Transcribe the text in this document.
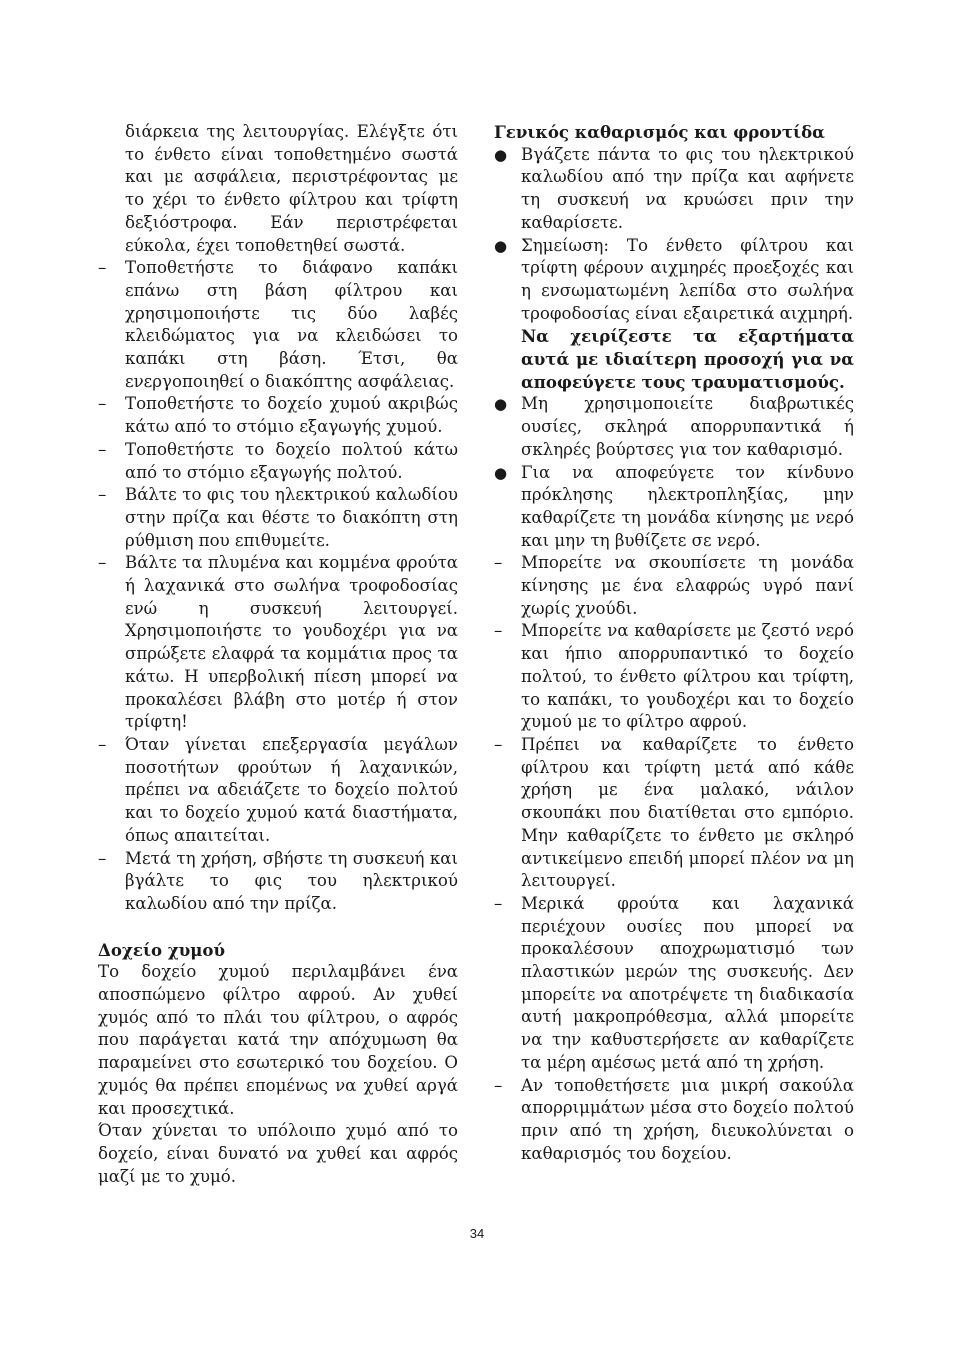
διάρκεια της λειτουργίας. Ελέγξτε ότι το ένθετο είναι τοποθετημένο σωστά και με ασφάλεια, περιστρέφοντας με το χέρι το ένθετο φίλτρου και τρίφτη δεξιόστροφα. Εάν περιστρέφεται εύκολα, έχει τοποθετηθεί σωστά.

–	Τοποθετήστε το διάφανο καπάκι επάνω στη βάση φίλτρου και χρησιμοποιήστε τις δύο λαβές κλειδώματος για να κλειδώσει το καπάκι στη βάση. Έτσι, θα ενεργοποιηθεί ο διακόπτης ασφάλειας.
–	Τοποθετήστε το δοχείο χυμού ακριβώς κάτω από το στόμιο εξαγωγής χυμού.
–	Τοποθετήστε το δοχείο πολτού κάτω από το στόμιο εξαγωγής πολτού.
–	Βάλτε το φις του ηλεκτρικού καλωδίου στην πρίζα και θέστε το διακόπτη στη ρύθμιση που επιθυμείτε.
–	Βάλτε τα πλυμένα και κομμένα φρούτα ή λαχανικά στο σωλήνα τροφοδοσίας ενώ η συσκευή λειτουργεί. Χρησιμοποιήστε το γουδοχέρι για να σπρώξετε ελαφρά τα κομμάτια προς τα κάτω. Η υπερβολική πίεση μπορεί να προκαλέσει βλάβη στο μοτέρ ή στον τρίφτη!
–	Όταν γίνεται επεξεργασία μεγάλων ποσοτήτων φρούτων ή λαχανικών, πρέπει να αδειάζετε το δοχείο πολτού και το δοχείο χυμού κατά διαστήματα, όπως απαιτείται.
–	Μετά τη χρήση, σβήστε τη συσκευή και βγάλτε το φις του ηλεκτρικού καλωδίου από την πρίζα.

Δοχείο χυμού

Το δοχείο χυμού περιλαμβάνει ένα αποσπώμενο φίλτρο αφρού. Αν χυθεί χυμός από το πλάι του φίλτρου, ο αφρός που παράγεται κατά την απόχυμωση θα παραμείνει στο εσωτερικό του δοχείου. Ο χυμός θα πρέπει επομένως να χυθεί αργά και προσεχτικά.

Όταν χύνεται το υπόλοιπο χυμό από το δοχείο, είναι δυνατό να χυθεί και αφρός μαζί με το χυμό.

Γενικός καθαρισμός και φροντίδα

● Βγάζετε πάντα το φις του ηλεκτρικού καλωδίου από την πρίζα και αφήνετε τη συσκευή να κρυώσει πριν την καθαρίσετε.
● Σημείωση: Το ένθετο φίλτρου και τρίφτη φέρουν αιχμηρές προεξοχές και η ενσωματωμένη λεπίδα στο σωλήνα τροφοδοσίας είναι εξαιρετικά αιχμηρή.
Να χειρίζεστε τα εξαρτήματα αυτά με ιδιαίτερη προσοχή για να αποφεύγετε τους τραυματισμούς.
● Μη χρησιμοποιείτε διαβρωτικές ουσίες, σκληρά απορρυπαντικά ή σκληρές βούρτσες για τον καθαρισμό.
● Για να αποφεύγετε τον κίνδυνο πρόκλησης ηλεκτροπληξίας, μην καθαρίζετε τη μονάδα κίνησης με νερό και μην τη βυθίζετε σε νερό.
–	Μπορείτε να σκουπίσετε τη μονάδα κίνησης με ένα ελαφρώς υγρό πανί χωρίς χνούδι.
–	Μπορείτε να καθαρίσετε με ζεστό νερό και ήπιο απορρυπαντικό το δοχείο πολτού, το ένθετο φίλτρου και τρίφτη, το καπάκι, το γουδοχέρι και το δοχείο χυμού με το φίλτρο αφρού.
–	Πρέπει να καθαρίζετε το ένθετο φίλτρου και τρίφτη μετά από κάθε χρήση με ένα μαλακό, νάιλον σκουπάκι που διατίθεται στο εμπόριο. Μην καθαρίζετε το ένθετο με σκληρό αντικείμενο επειδή μπορεί πλέον να μη λειτουργεί.
–	Μερικά φρούτα και λαχανικά περιέχουν ουσίες που μπορεί να προκαλέσουν αποχρωματισμό των πλαστικών μερών της συσκευής. Δεν μπορείτε να αποτρέψετε τη διαδικασία αυτή μακροπρόθεσμα, αλλά μπορείτε να την καθυστερήσετε αν καθαρίζετε τα μέρη αμέσως μετά από τη χρήση.
–	Αν τοποθετήσετε μια μικρή σακούλα απορριμμάτων μέσα στο δοχείο πολτού πριν από τη χρήση, διευκολύνεται ο καθαρισμός του δοχείου.
34
